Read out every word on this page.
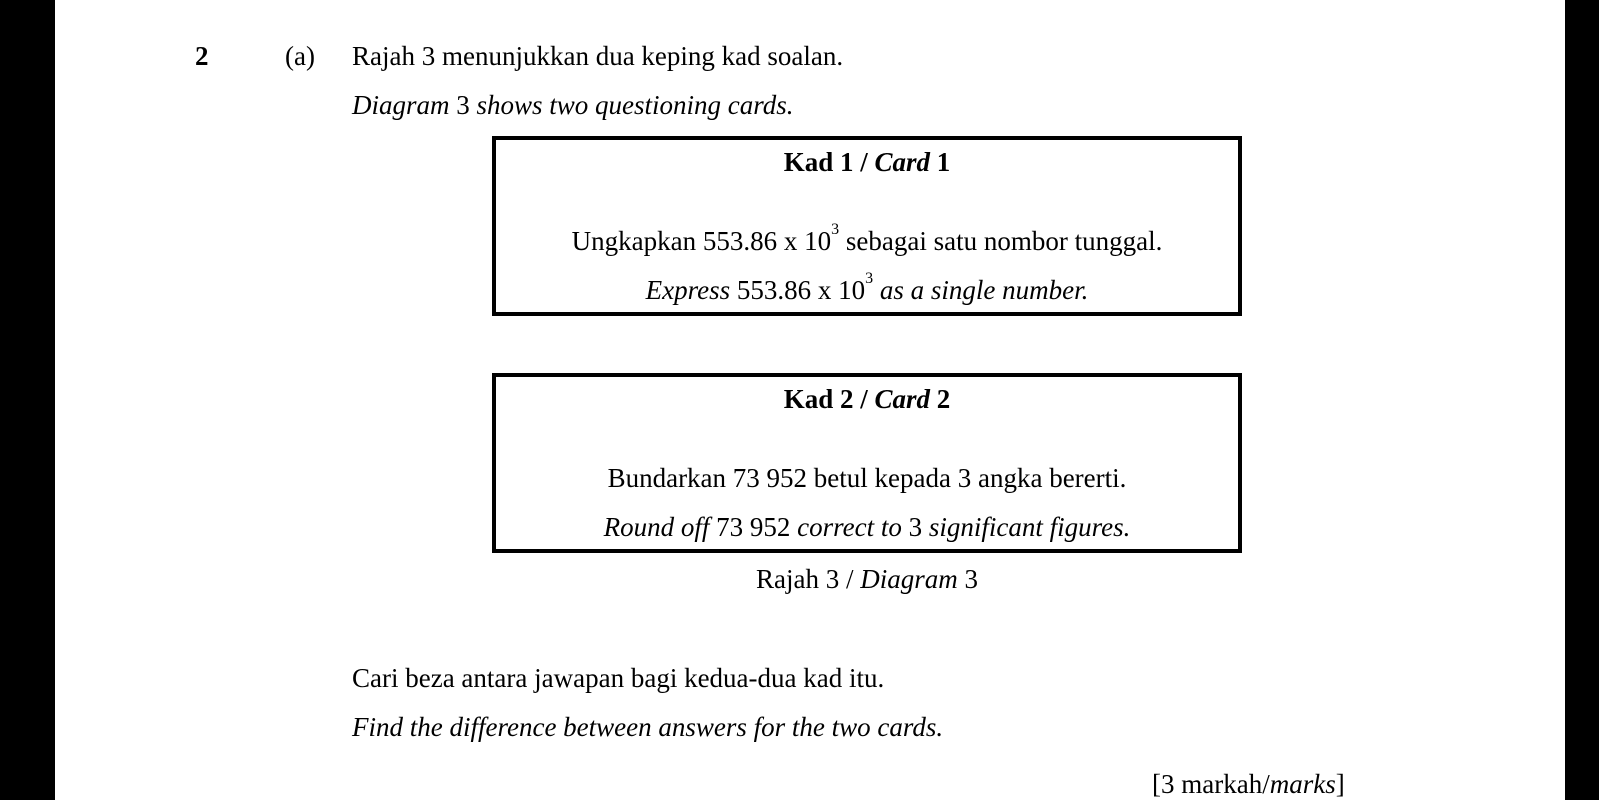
2	(a) Rajah 3 menunjukkan dua keping kad soalan.
Diagram 3 shows two questioning cards.
Kad 1 / Card 1
Ungkapkan 553.86 x $10^3$ sebagai satu nombor tunggal.
Express 553.86 x $10^3$ as a single number.
Kad 2 / Card 2
Bundarkan 73 952 betul kepada 3 angka bererti.
Round off 73 952 correct to 3 significant figures.
Rajah 3 / Diagram 3
Cari beza antara jawapan bagi kedua-dua kad itu.
Find the difference between answers for the two cards.
[3 markah/marks]
